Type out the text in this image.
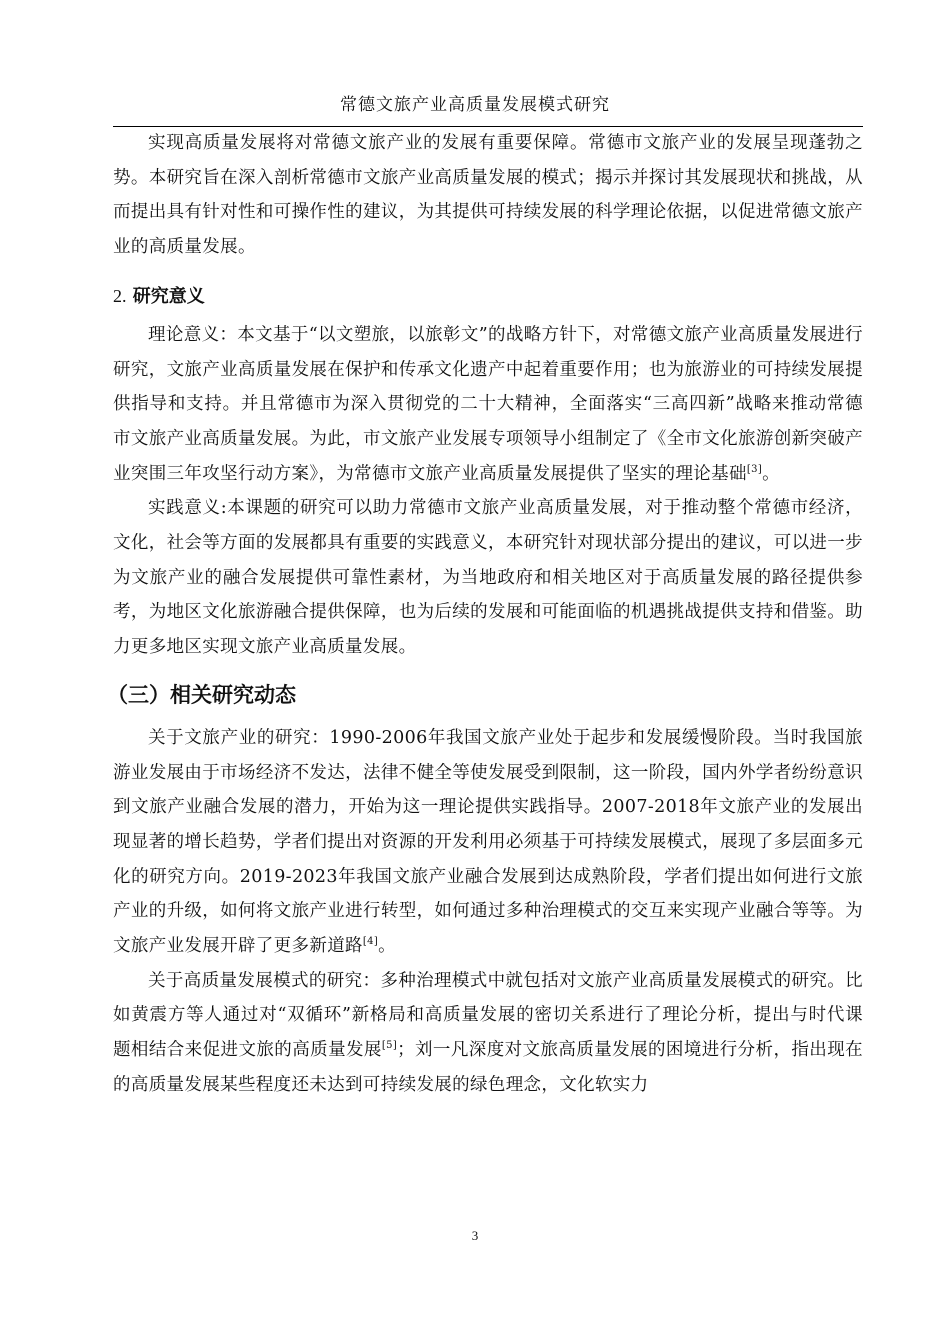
常德文旅产业高质量发展模式研究

实现高质量发展将对常德文旅产业的发展有重要保障。常德市文旅产业的发展呈现蓬勃之势。本研究旨在深入剖析常德市文旅产业高质量发展的模式；揭示并探讨其发展现状和挑战，从而提出具有针对性和可操作性的建议，为其提供可持续发展的科学理论依据，以促进常德文旅产业的高质量发展。

2. 研究意义

理论意义：本文基于“以文塑旅，以旅彰文”的战略方针下，对常德文旅产业高质量发展进行研究，文旅产业高质量发展在保护和传承文化遗产中起着重要作用；也为旅游业的可持续发展提供指导和支持。并且常德市为深入贯彻党的二十大精神，全面落实“三高四新”战略来推动常德市文旅产业高质量发展。为此，市文旅产业发展专项领导小组制定了《全市文化旅游创新突破产业突围三年攻坚行动方案》，为常德市文旅产业高质量发展提供了坚实的理论基础[3]。

实践意义:本课题的研究可以助力常德市文旅产业高质量发展，对于推动整个常德市经济，文化，社会等方面的发展都具有重要的实践意义，本研究针对现状部分提出的建议，可以进一步为文旅产业的融合发展提供可靠性素材，为当地政府和相关地区对于高质量发展的路径提供参考，为地区文化旅游融合提供保障，也为后续的发展和可能面临的机遇挑战提供支持和借鉴。助力更多地区实现文旅产业高质量发展。

（三）相关研究动态

关于文旅产业的研究：1990-2006年我国文旅产业处于起步和发展缓慢阶段。当时我国旅游业发展由于市场经济不发达，法律不健全等使发展受到限制，这一阶段，国内外学者纷纷意识到文旅产业融合发展的潜力，开始为这一理论提供实践指导。2007-2018年文旅产业的发展出现显著的增长趋势，学者们提出对资源的开发利用必须基于可持续发展模式，展现了多层面多元化的研究方向。2019-2023年我国文旅产业融合发展到达成熟阶段，学者们提出如何进行文旅产业的升级，如何将文旅产业进行转型，如何通过多种治理模式的交互来实现产业融合等等。为文旅产业发展开辟了更多新道路[4]。

关于高质量发展模式的研究：多种治理模式中就包括对文旅产业高质量发展模式的研究。比如黄震方等人通过对“双循环”新格局和高质量发展的密切关系进行了理论分析，提出与时代课题相结合来促进文旅的高质量发展[5]；刘一凡深度对文旅高质量发展的困境进行分析，指出现在的高质量发展某些程度还未达到可持续发展的绿色理念，文化软实力

3
